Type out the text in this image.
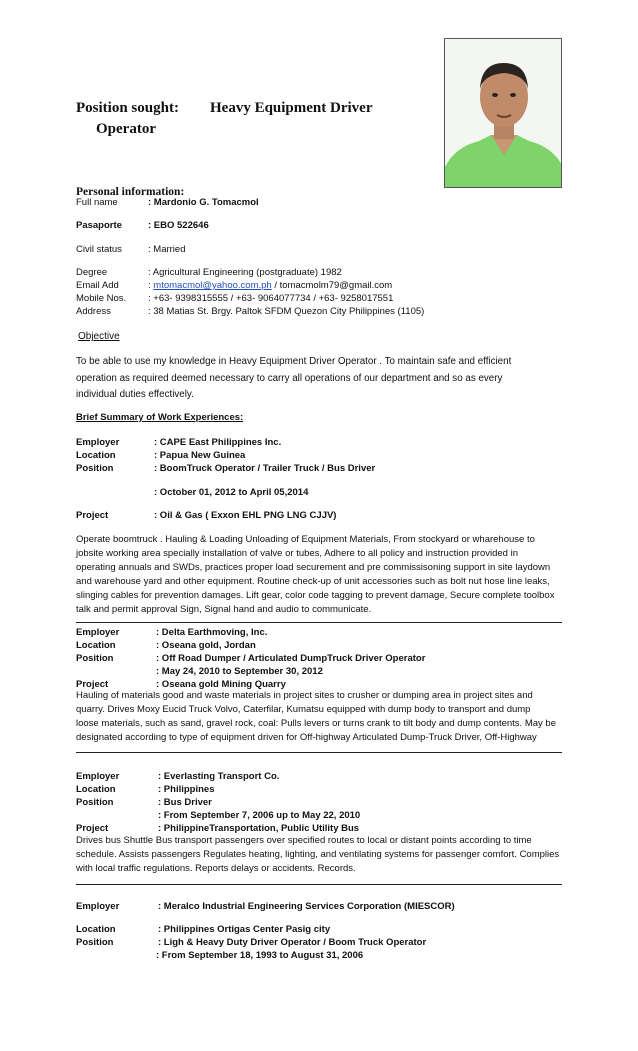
Position sought: Heavy Equipment Driver
Operator
Personal information:
Full name	: Mardonio G. Tomacmol
Pasaporte	: EBO 522646
Civil status	: Married
Degree	: Agricultural Engineering (postgraduate) 1982
Email Add	: mtomacmol@yahoo.com.ph / tomacmolm79@gmail.com
Mobile Nos. : +63- 9398315555 / +63- 9064077734 / +63- 9258017551
Address	: 38 Matias St. Brgy. Paltok SFDM Quezon City Philippines (1105)
Objective
To be able to use my knowledge in Heavy Equipment Driver Operator . To maintain safe and efficient
operation as required deemed necessary to carry all operations of our department and so as every
individual duties effectively.
Brief Summary of Work Experiences:
Employer	: CAPE East Philippines Inc.
Location	: Papua New Guinea
Position	: BoomTruck Operator / Trailer Truck / Bus Driver
: October 01, 2012 to April 05,2014
Project	: Oil & Gas ( Exxon EHL PNG LNG CJJV)
Operate boomtruck . Hauling & Loading Unloading of Equipment Materials, From stockyard or wharehouse to
jobsite working area specially installation of valve or tubes, Adhere to all policy and instruction provided in
operating annuals and SWDs, practices proper load securement and pre commissisoning support in site laydown
and warehouse yard and other equipment. Routine check-up of unit accessories such as bolt nut hose line leaks,
slinging cables for prevention damages. Lift gear, color code tagging to prevent damage, Secure complete toolbox
talk and permit approval Sign, Signal hand and audio to communicate.
Employer	: Delta Earthmoving, Inc.
Location	: Oseana gold, Jordan
Position	: Off Road Dumper / Articulated DumpTruck Driver Operator
: May 24, 2010 to September 30, 2012
Project	: Oseana gold Mining Quarry
Hauling of materials good and waste materials in project sites to crusher or dumping area in project sites and
quarry. Drives Moxy Eucid Truck Volvo, Caterfilar, Kumatsu equipped with dump body to transport and dump
loose materials, such as sand, gravel rock, coal: Pulls levers or turns crank to tilt body and dump contents. May be
designated according to type of equipment driven for Off-highway Articulated Dump-Truck Driver, Off-Highway
Employer	: Everlasting Transport Co.
Location	: Philippines
Position	: Bus Driver
: From September 7, 2006 up to May 22, 2010
Project	: PhilippineTransportation, Public Utility Bus
Drives bus Shuttle Bus transport passengers over specified routes to local or distant points according to time
schedule. Assists passengers Regulates heating, lighting, and ventilating systems for passenger comfort. Complies
with local traffic regulations. Reports delays or accidents. Records.
Employer	: Meralco Industrial Engineering Services Corporation (MIESCOR)
Location	: Philippines Ortigas Center Pasig city
Position	: Ligh & Heavy Duty Driver Operator / Boom Truck Operator
: From September 18, 1993 to August 31, 2006
